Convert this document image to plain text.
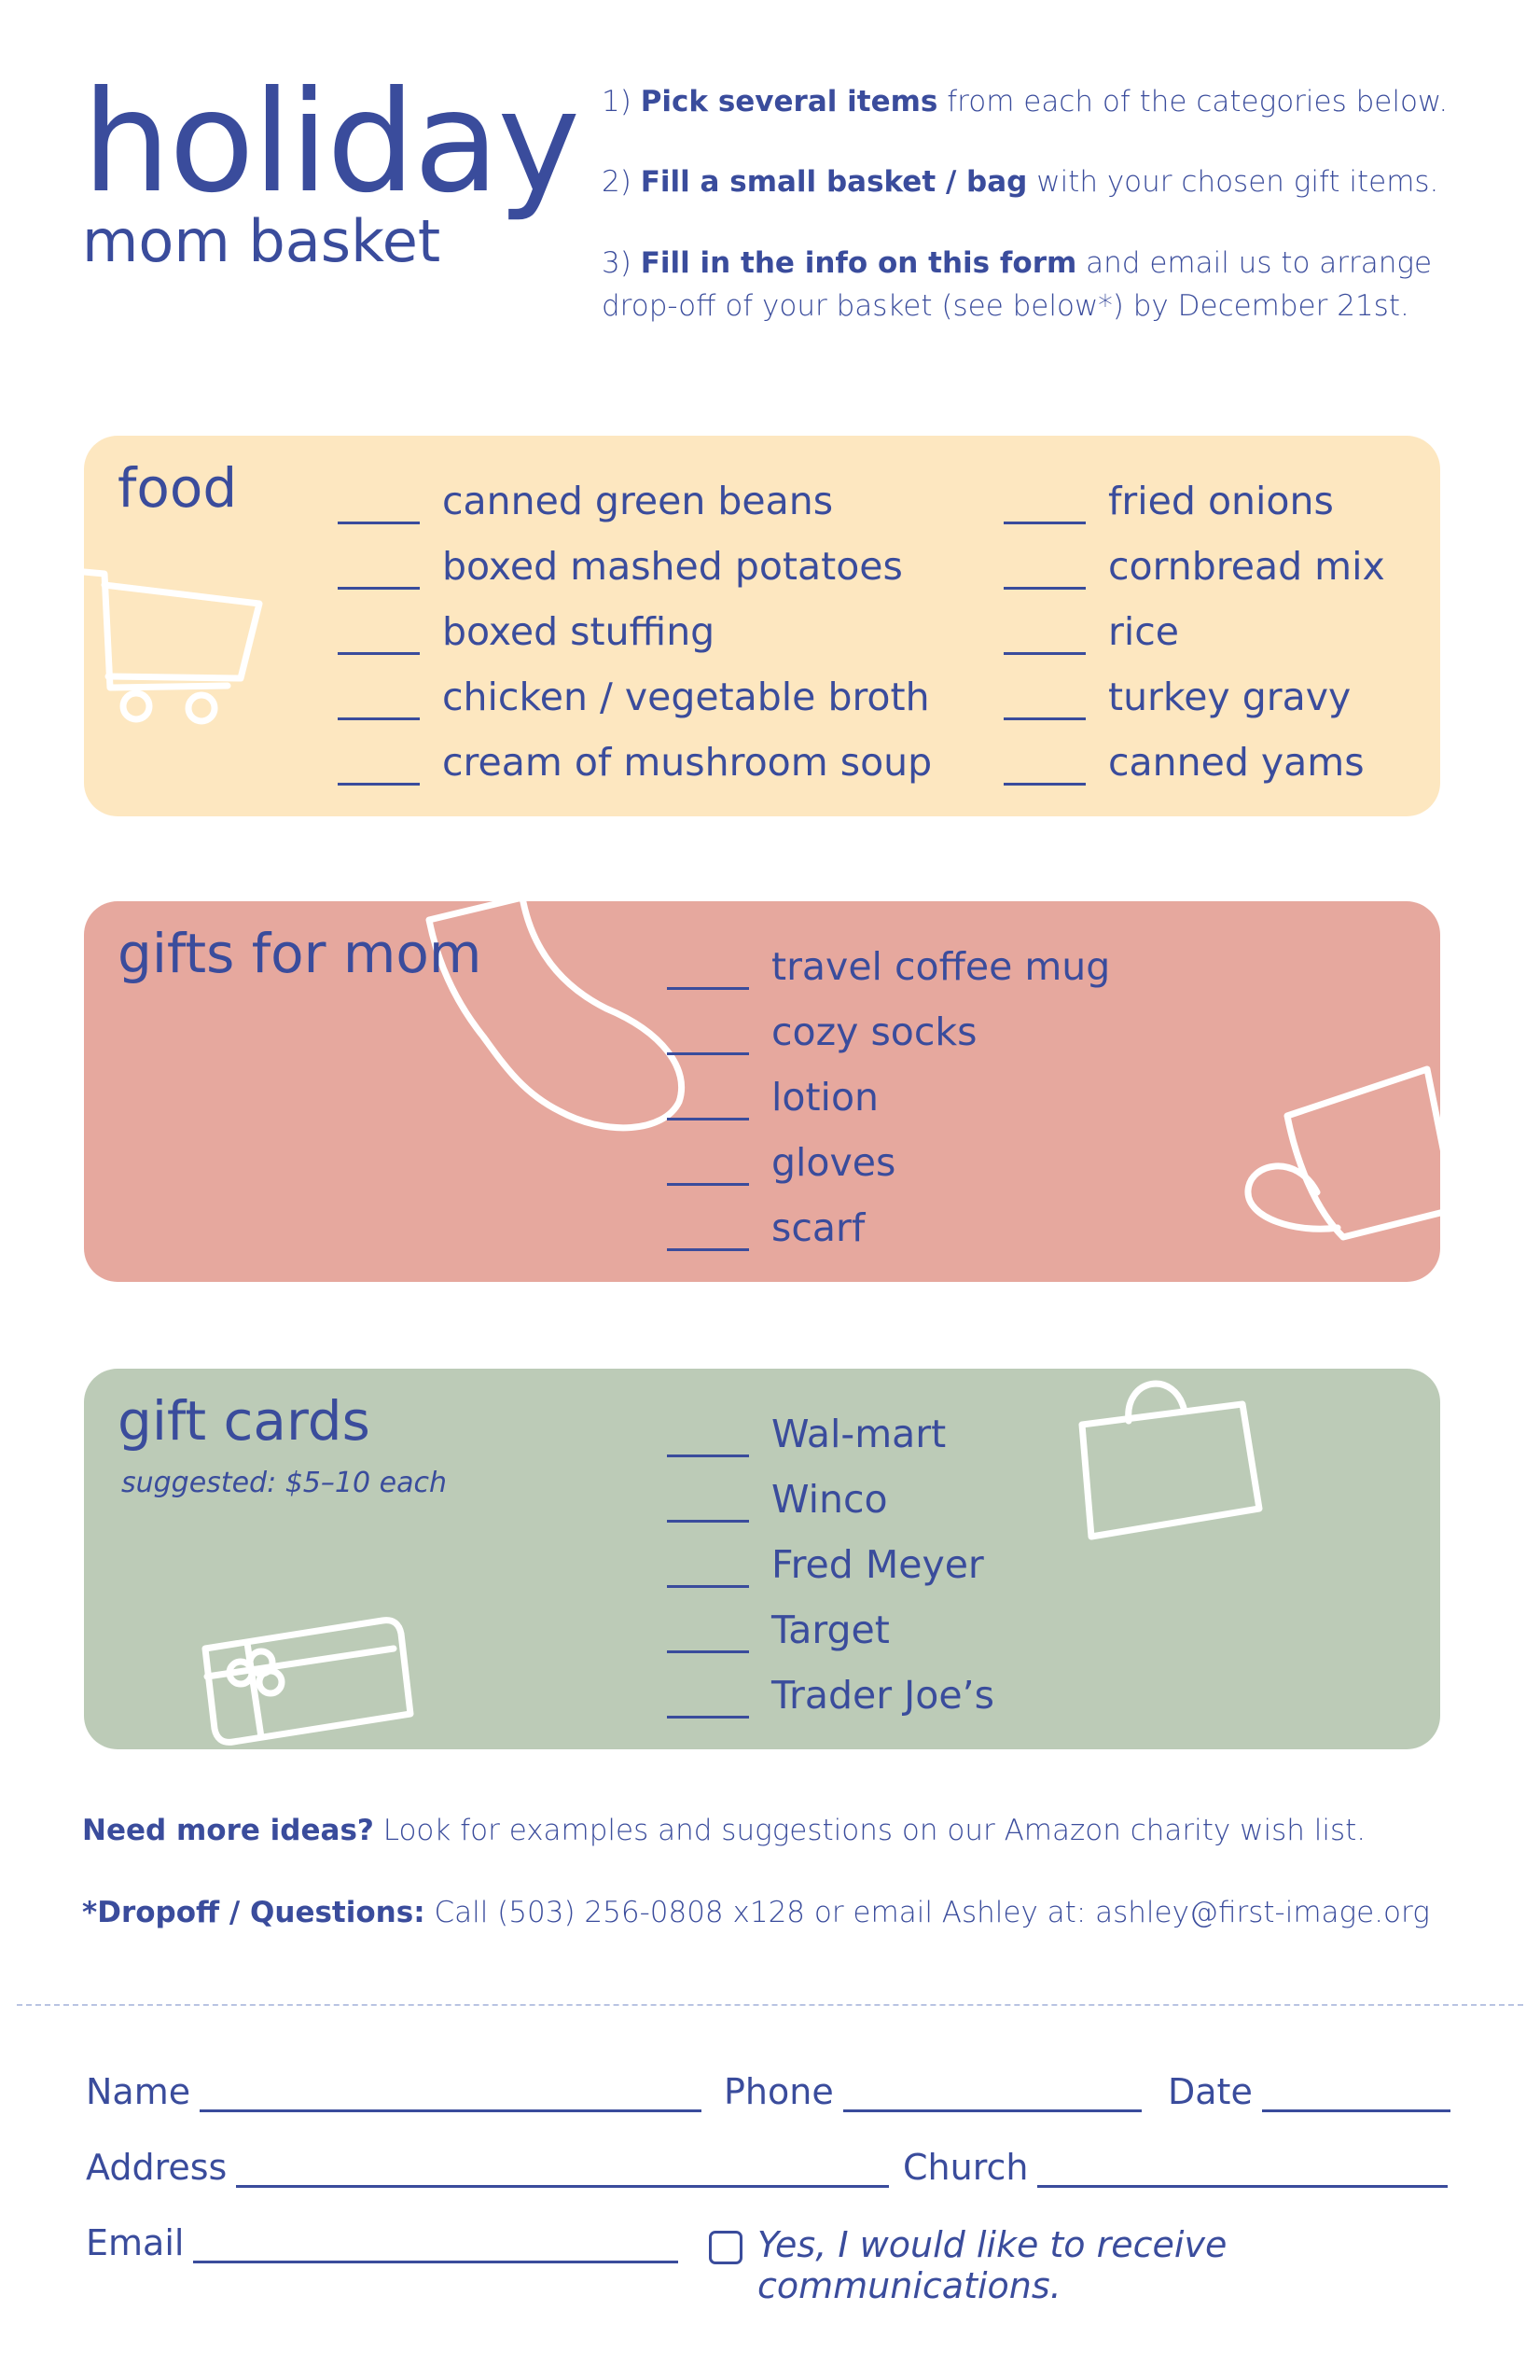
holiday
mom basket
1) Pick several items from each of the categories below.
2) Fill a small basket / bag with your chosen gift items.
3) Fill in the info on this form and email us to arrange drop-off of your basket (see below*) by December 21st.
food	canned green beans
boxed mashed potatoes
boxed stuffing
chicken / vegetable broth
cream of mushroom soup
fried onions
cornbread mix
rice
turkey gravy
canned yams
gifts for mom	travel coffee mug
cozy socks
lotion
gloves
scarf
gift cards
suggested: $5–10 each
Wal-mart
Winco
Fred Meyer
Target
Trader Joe’s
Need more ideas? Look for examples and suggestions on our Amazon charity wish list.
*Dropoff / Questions: Call (503) 256-0808 x128 or email Ashley at: ashley@first-image.org
Name	Phone	Date
Address	Church
Email	Yes, I would like to receive communications.
